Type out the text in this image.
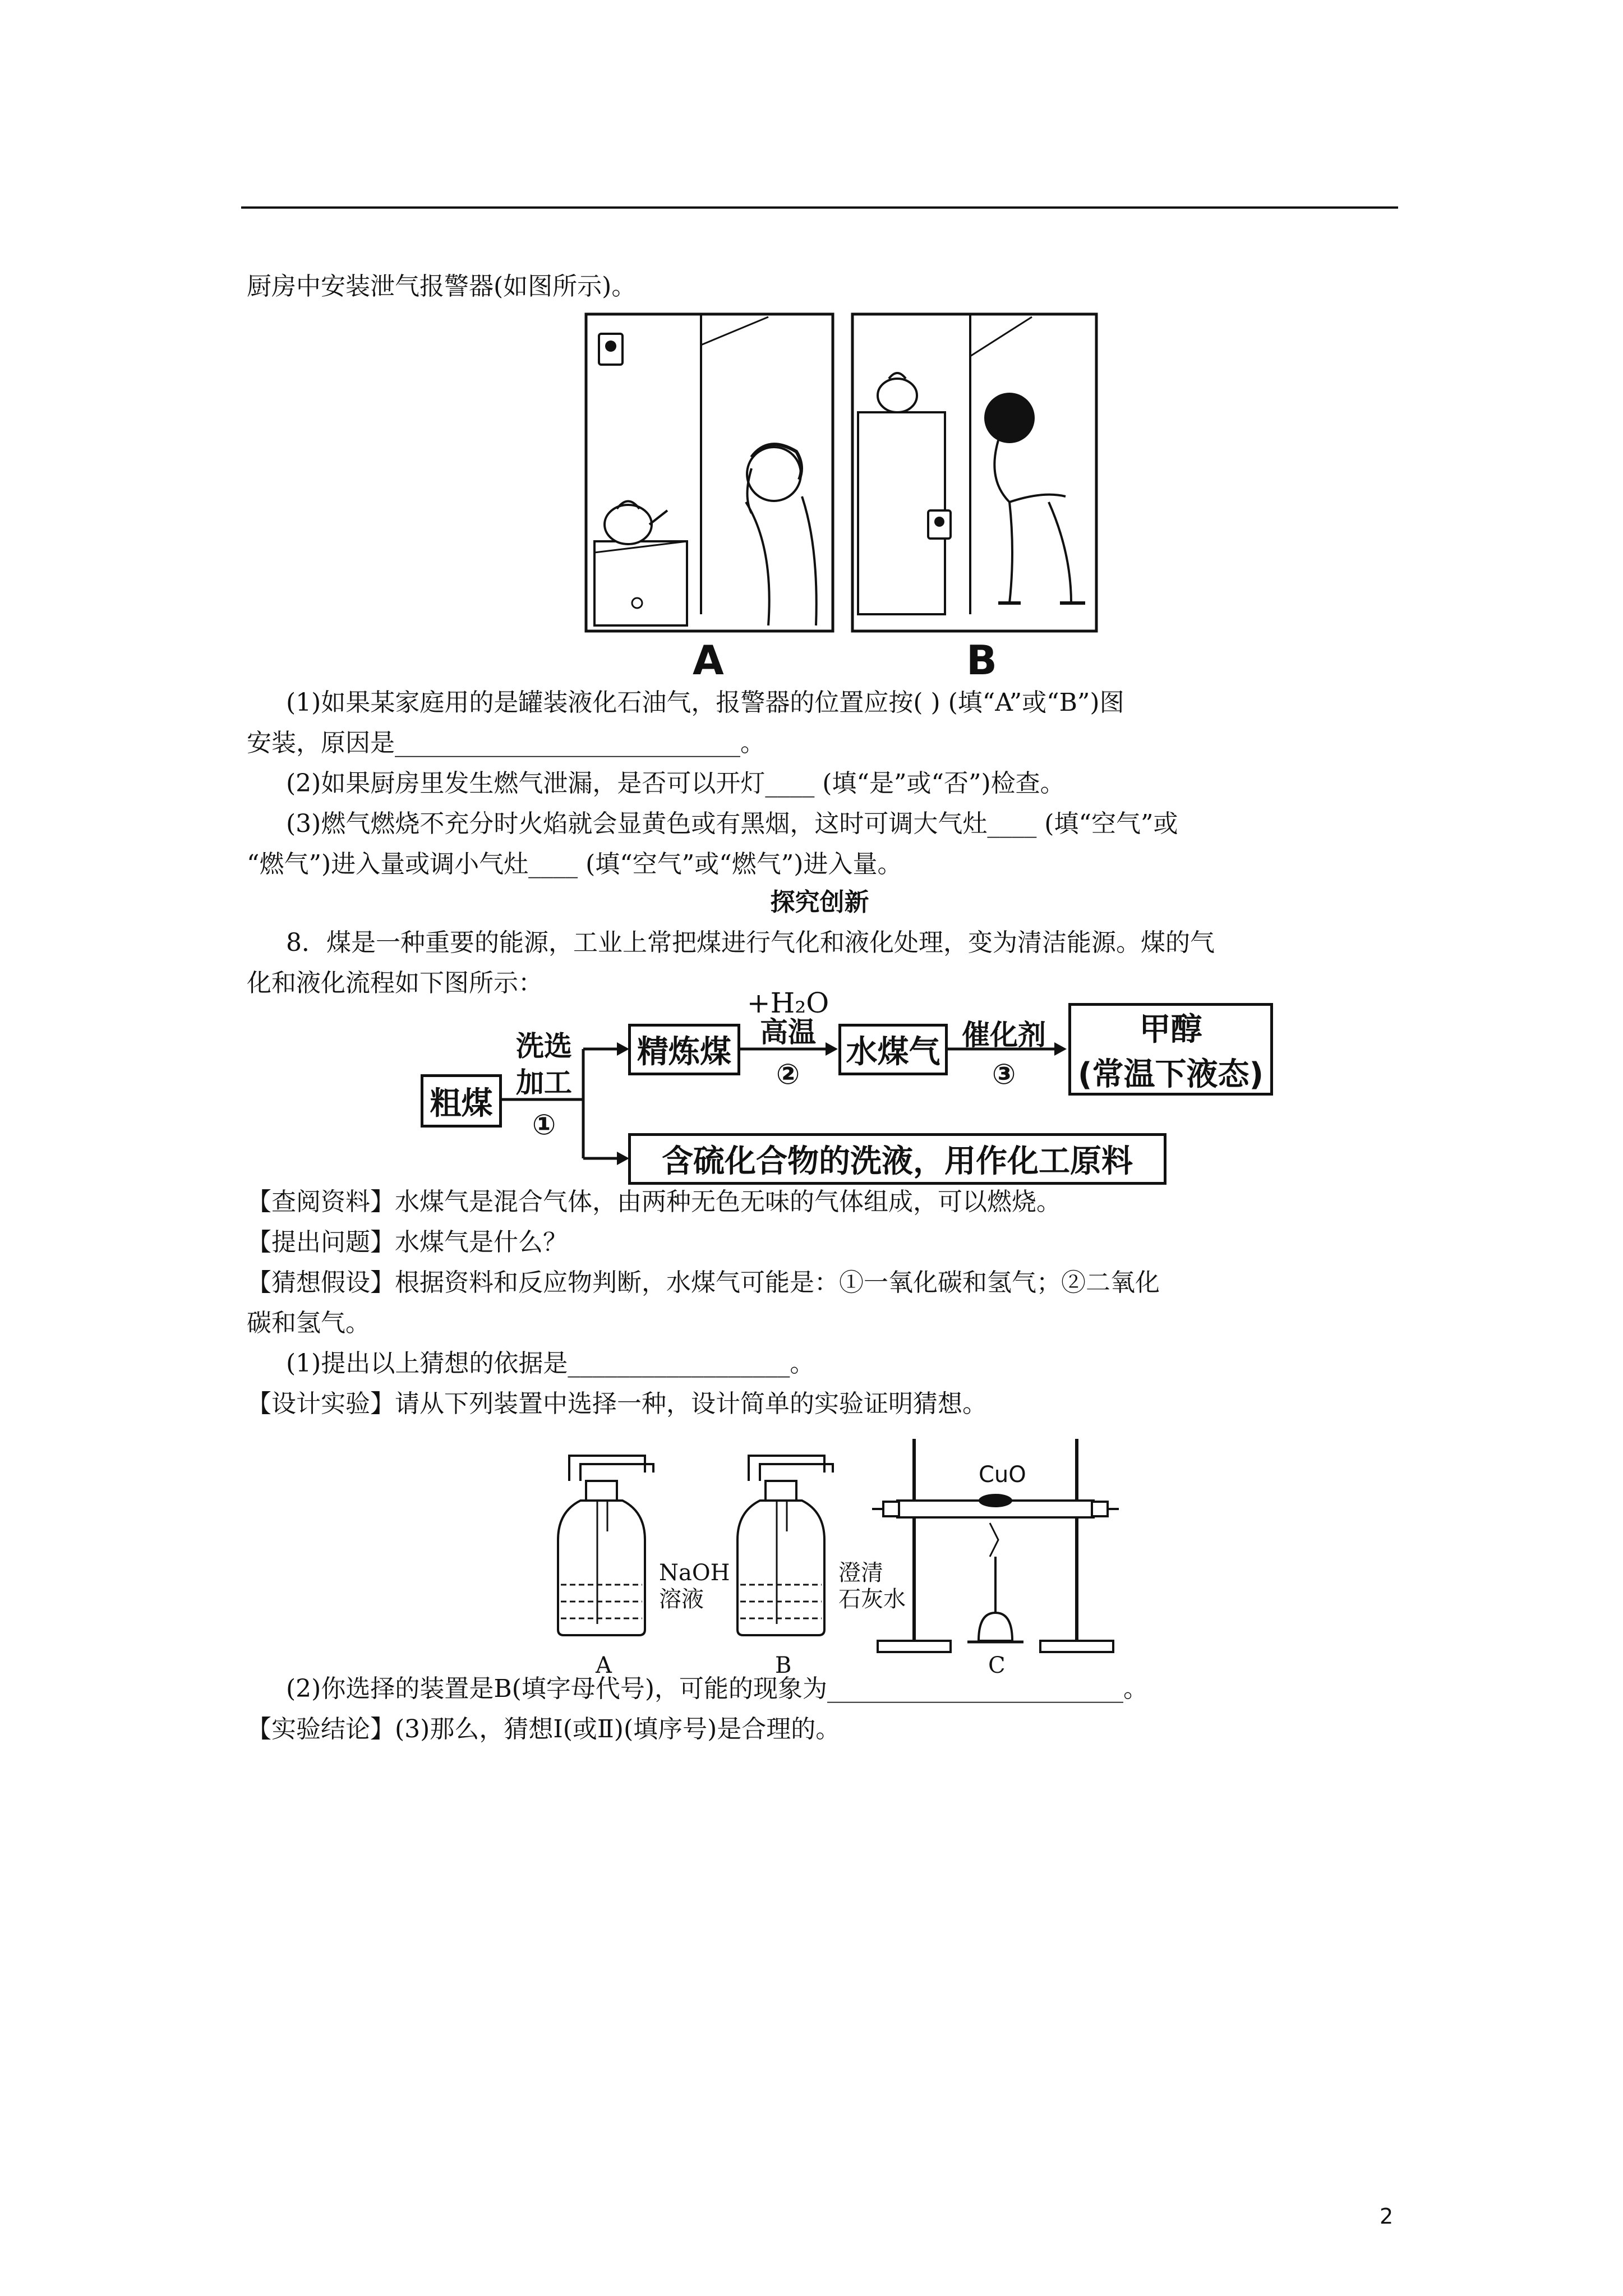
厨房中安装泄气报警器(如图所示)。
A	B
(1)如果某家庭用的是罐装液化石油气，报警器的位置应按( ) (填“A”或“B”)图
安装，原因是____________________________。
(2)如果厨房里发生燃气泄漏，是否可以开灯____ (填“是”或“否”)检查。
(3)燃气燃烧不充分时火焰就会显黄色或有黑烟，这时可调大气灶____ (填“空气”或
“燃气”)进入量或调小气灶____ (填“空气”或“燃气”)进入量。
探究创新
8．煤是一种重要的能源，工业上常把煤进行气化和液化处理，变为清洁能源。煤的气
化和液化流程如下图所示：
粗煤
洗选
加工
①
精炼煤
+H₂O
高温
②
水煤气 催化剂
③
甲醇
(常温下液态)
含硫化合物的洗液，用作化工原料
【查阅资料】水煤气是混合气体，由两种无色无味的气体组成，可以燃烧。
【提出问题】水煤气是什么？
【猜想假设】根据资料和反应物判断，水煤气可能是：①一氧化碳和氢气；②二氧化
碳和氢气。
(1)提出以上猜想的依据是__________________。
【设计实验】请从下列装置中选择一种，设计简单的实验证明猜想。
NaOH
溶液
澄清
石灰水
CuO
A	B	C
(2)你选择的装置是B(填字母代号)，可能的现象为________________________。
【实验结论】(3)那么，猜想Ⅰ(或Ⅱ)(填序号)是合理的。
2
